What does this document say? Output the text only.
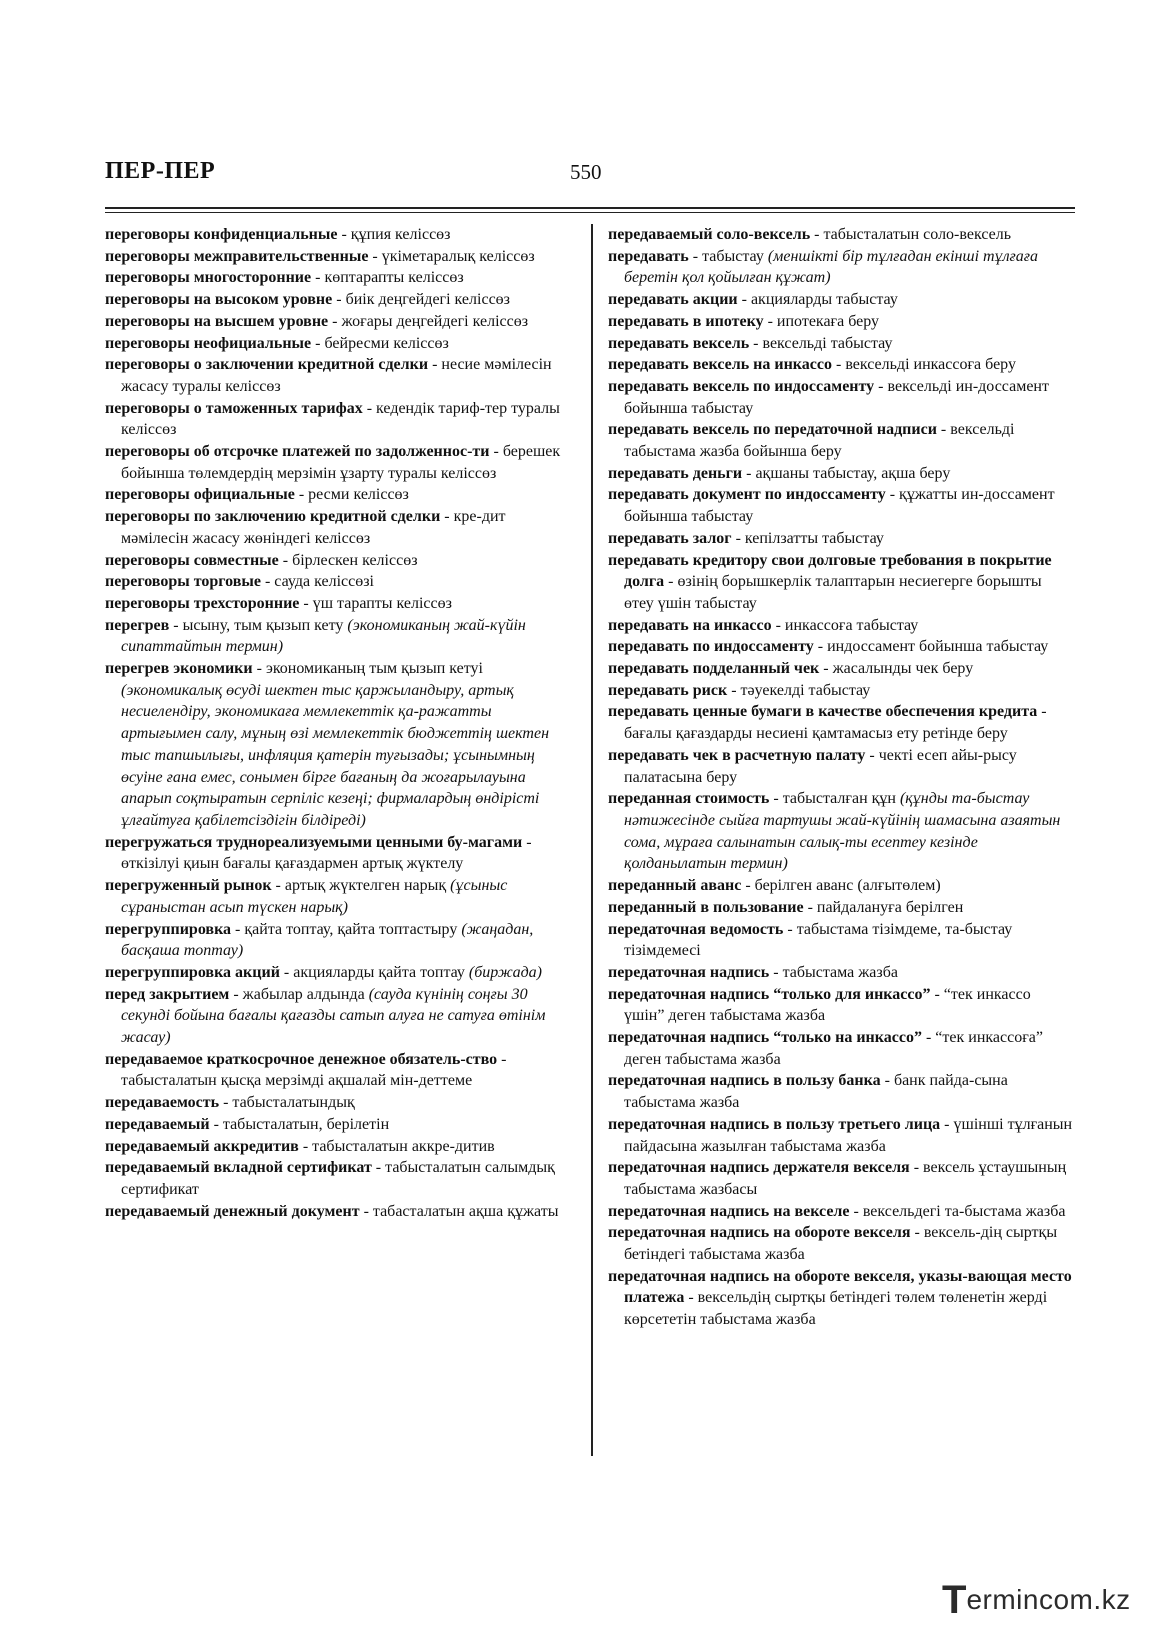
ПЕР-ПЕР	550

переговоры конфиденциальные - құпия келіссөз

переговоры межправительственные - үкіметаралық келіссөз

переговоры многосторонние - көптарапты келіссөз

переговоры на высоком уровне - биік деңгейдегі келіссөз

переговоры на высшем уровне - жоғары деңгейдегі келіссөз

переговоры неофициальные - бейресми келіссөз

переговоры о заключении кредитной сделки - несие мәмілесін жасасу туралы келіссөз

переговоры о таможенных тарифах - кедендік тариф-тер туралы келіссөз

переговоры об отсрочке платежей по задолженнос-ти - берешек бойынша төлемдердің мерзімін ұзарту туралы келіссөз

переговоры официальные - ресми келіссөз

переговоры по заключению кредитной сделки - кре-дит мәмілесін жасасу жөніндегі келіссөз

переговоры совместные - бірлескен келіссөз

переговоры торговые - сауда келіссөзі

переговоры трехсторонние - үш тарапты келіссөз

перегрев - ысыну, тым қызып кету (экономиканың жай-күйін сипаттайтын термин)

перегрев экономики - экономиканың тым қызып кетуі (экономикалық өсуді шектен тыс қаржыландыру, артық несиелендіру, экономикаға мемлекеттік қа-ражатты артығымен салу, мұның өзі мемлекеттік бюджеттің шектен тыс тапшылығы, инфляция қатерін туғызады; ұсынымның өсуіне ғана емес, сонымен бірге бағаның да жоғарылауына апарып соқтыратын серпіліс кезеңі; фирмалардың өндірісті ұлғайтуға қабілетсіздігін білдіреді)

перегружаться труднореализуемыми ценными бу-магами - өткізілуі қиын бағалы қағаздармен артық жүктелу

перегруженный рынок - артық жүктелген нарық (ұсыныс сұраныстан асып түскен нарық)

перегруппировка - қайта топтау, қайта топтастыру (жаңадан, басқаша топтау)

перегруппировка акций - акцияларды қайта топтау (биржада)

перед закрытием - жабылар алдында (сауда күнінің соңғы 30 секунді бойына бағалы қағазды сатып алуға не сатуға өтінім жасау)

передаваемое краткосрочное денежное обязатель-ство - табысталатын қысқа мерзімді ақшалай мін-деттеме

передаваемость - табысталатындық

передаваемый - табысталатын, берілетін

передаваемый аккредитив - табысталатын аккре-дитив

передаваемый вкладной сертификат - табысталатын салымдық сертификат

передаваемый денежный документ - табасталатын ақша құжаты

передаваемый соло-вексель - табысталатын соло-вексель

передавать - табыстау (меншікті бір тұлғадан екінші тұлғаға беретін қол қойылған құжат)

передавать акции - акцияларды табыстау

передавать в ипотеку - ипотекаға беру

передавать вексель - вексельді табыстау

передавать вексель на инкассо - вексельді инкассоға беру

передавать вексель по индоссаменту - вексельді ин-доссамент бойынша табыстау

передавать вексель по передаточной надписи - вексельді табыстама жазба бойынша беру

передавать деньги - ақшаны табыстау, ақша беру

передавать документ по индоссаменту - құжатты ин-доссамент бойынша табыстау

передавать залог - кепілзатты табыстау

передавать кредитору свои долговые требования в покрытие долга - өзінің борышкерлік талаптарын несиегерге борышты өтеу үшін табыстау

передавать на инкассо - инкассоға табыстау

передавать по индоссаменту - индоссамент бойынша табыстау

передавать подделанный чек - жасалынды чек беру

передавать риск - тәуекелді табыстау

передавать ценные бумаги в качестве обеспечения кредита - бағалы қағаздарды несиені қамтамасыз ету ретінде беру

передавать чек в расчетную палату - чекті есеп айы-рысу палатасына беру

переданная стоимость - табысталған құн (құнды та-быстау нәтижесінде сыйға тартушы жай-күйінің шамасына азаятын сома, мұраға салынатын салық-ты есептеу кезінде қолданылатын термин)

переданный аванс - берілген аванс (алғытөлем)

переданный в пользование - пайдалануға берілген

передаточная ведомость - табыстама тізімдеме, та-быстау тізімдемесі

передаточная надпись - табыстама жазба

передаточная надпись “только для инкассо” - “тек инкассо үшін” деген табыстама жазба

передаточная надпись “только на инкассо” - “тек инкассоға” деген табыстама жазба

передаточная надпись в пользу банка - банк пайда-сына табыстама жазба

передаточная надпись в пользу третьего лица - үшінші тұлғанын пайдасына жазылған табыстама жазба

передаточная надпись держателя векселя - вексель ұстаушының табыстама жазбасы

передаточная надпись на векселе - вексельдегі та-быстама жазба

передаточная надпись на обороте векселя - вексель-дің сыртқы бетіндегі табыстама жазба

передаточная надпись на обороте векселя, указы-вающая место платежа - вексельдің сыртқы бетіндегі төлем төленетін жерді көрсететін табыстама жазба

Termincom.kz
